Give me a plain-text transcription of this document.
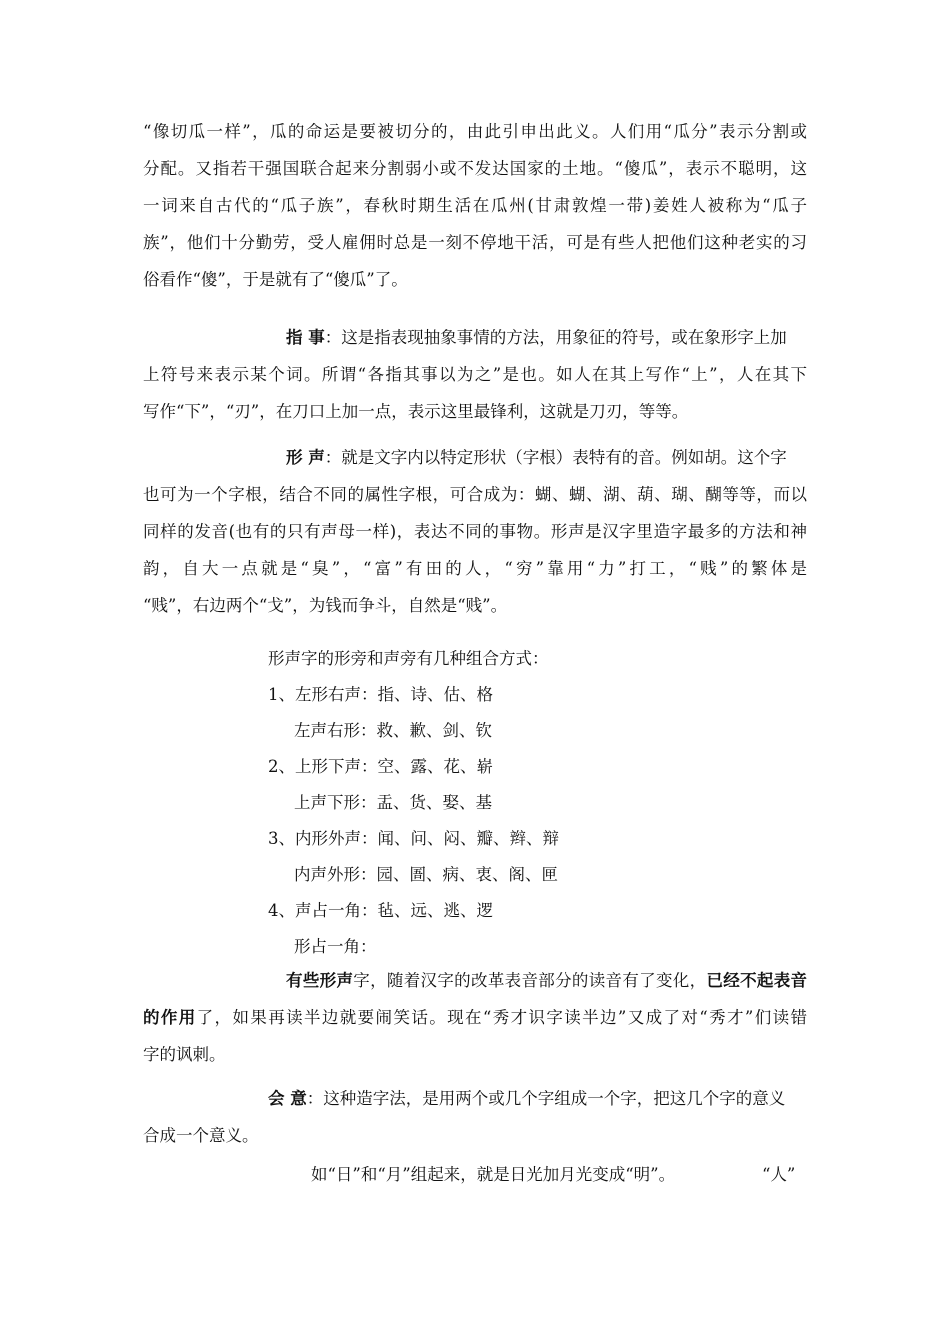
“像切瓜一样”，瓜的命运是要被切分的，由此引申出此义。人们用“瓜分”表示分割或
分配。又指若干强国联合起来分割弱小或不发达国家的土地。“傻瓜”，表示不聪明，这
一词来自古代的“瓜子族”，春秋时期生活在瓜州(甘肃敦煌一带)姜姓人被称为“瓜子
族”，他们十分勤劳，受人雇佣时总是一刻不停地干活，可是有些人把他们这种老实的习
俗看作“傻”，于是就有了“傻瓜”了。
指 事：这是指表现抽象事情的方法，用象征的符号，或在象形字上加
上符号来表示某个词。所谓“各指其事以为之”是也。如人在其上写作“上”，人在其下
写作“下”，“刃”，在刀口上加一点，表示这里最锋利，这就是刀刃，等等。
形 声：就是文字内以特定形状（字根）表特有的音。例如胡。这个字
也可为一个字根，结合不同的属性字根，可合成为：蝴、蝴、湖、葫、瑚、醐等等，而以
同样的发音(也有的只有声母一样)，表达不同的事物。形声是汉字里造字最多的方法和神
韵，自大一点就是“臭”，“富”有田的人，“穷”靠用“力”打工，“贱”的繁体是
“贱”，右边两个“戈”，为钱而争斗，自然是“贱”。
形声字的形旁和声旁有几种组合方式：
1、左形右声：指、诗、估、格
左声右形：救、歉、剑、钦
2、上形下声：空、露、花、崭
上声下形：盂、货、娶、基
3、内形外声：闻、问、闷、瓣、辫、辩
内声外形：园、圄、病、衷、阁、匣
4、声占一角：毡、远、逃、逻
形占一角：
有些形声字，随着汉字的改革表音部分的读音有了变化，已经不起表音
的作用了，如果再读半边就要闹笑话。现在“秀才识字读半边”又成了对“秀才”们读错
字的讽刺。
会 意：这种造字法，是用两个或几个字组成一个字，把这几个字的意义
合成一个意义。
如“日”和“月”组起来，就是日光加月光变成“明”。	“人”
